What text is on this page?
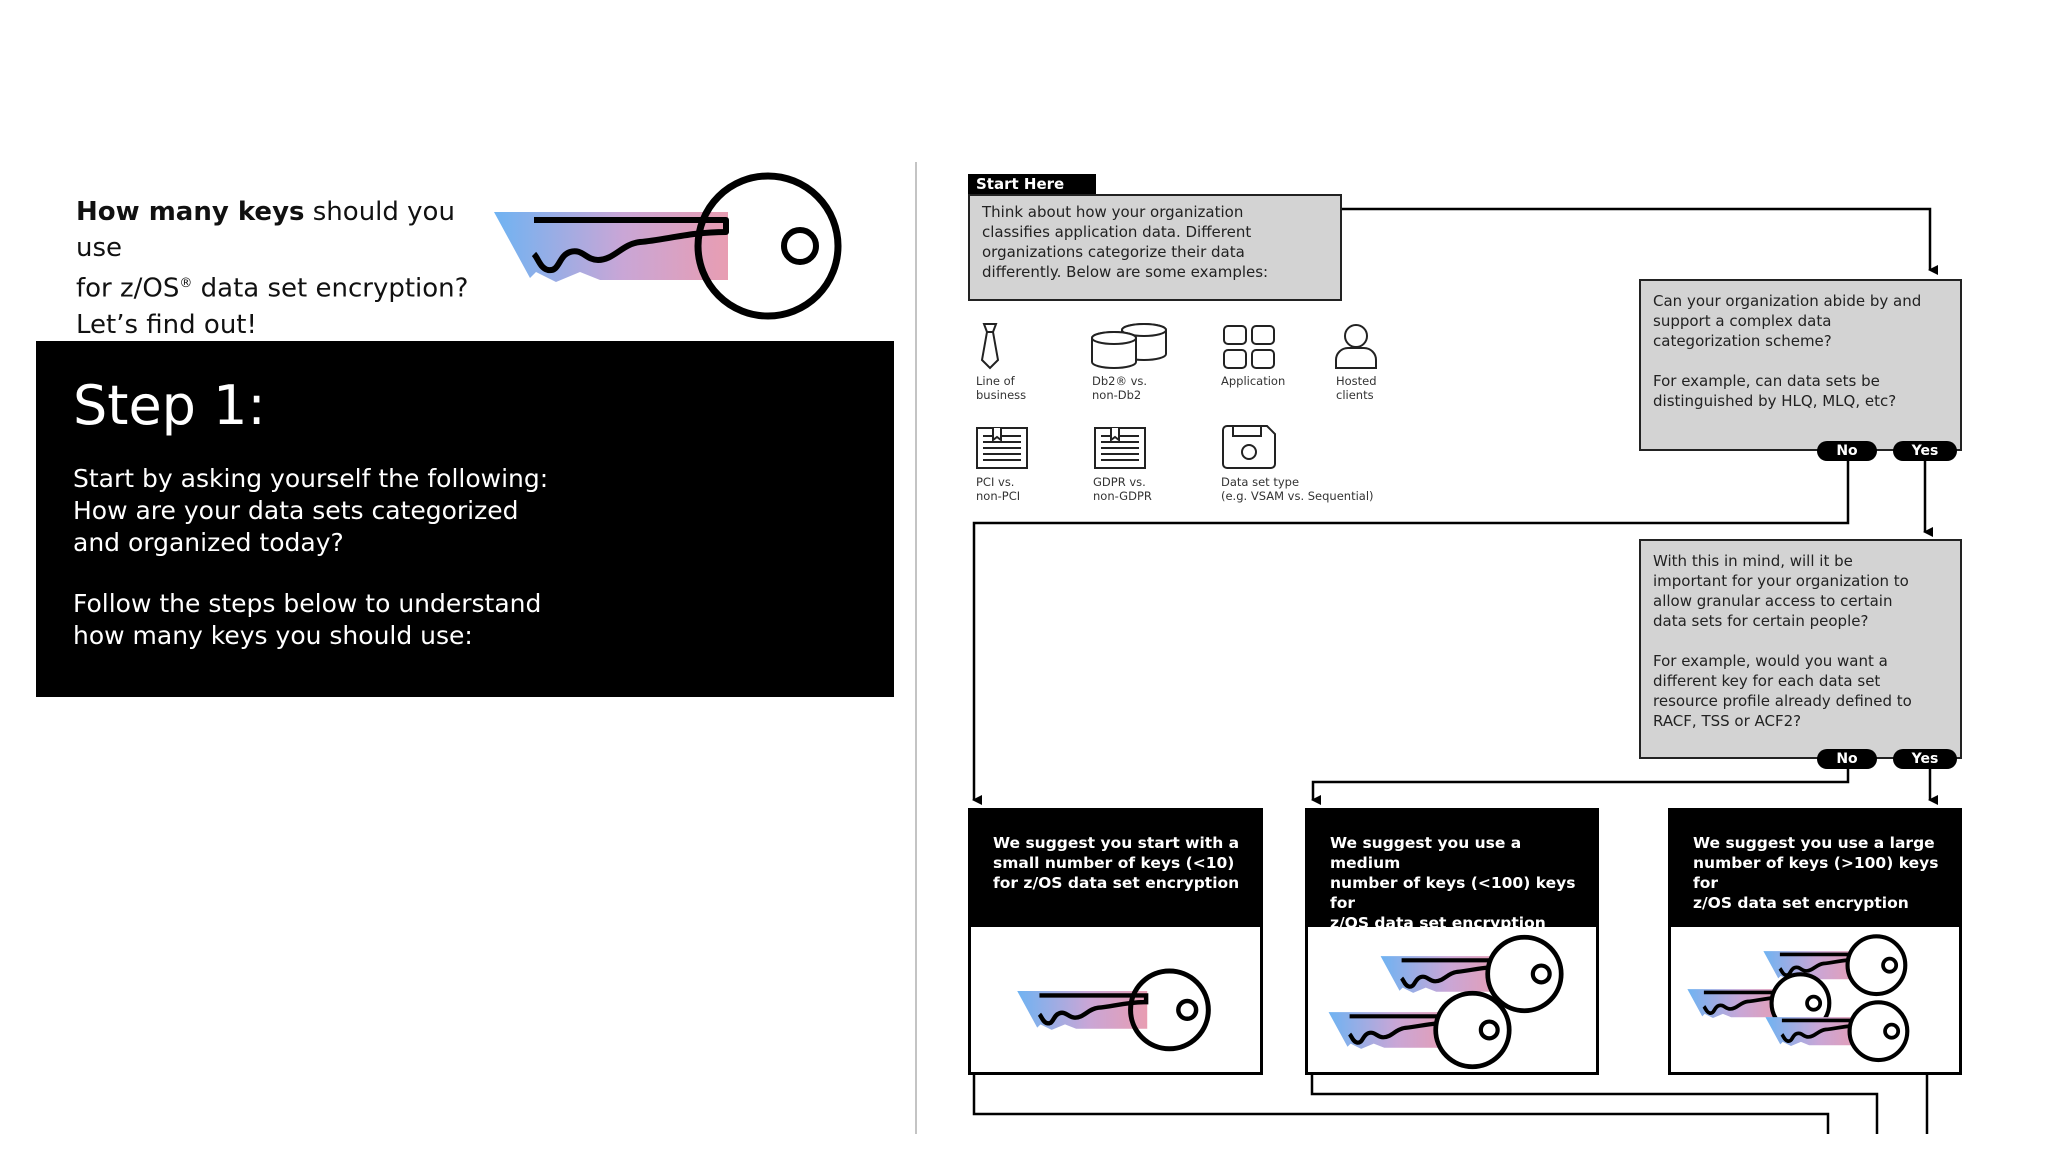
How many keys should you use
for z/OS® data set encryption?
Let’s find out!
Step 1:
Start by asking yourself the following:
How are your data sets categorized
and organized today?
Follow the steps below to understand
how many keys you should use:
Start Here
Think about how your organization
classifies application data. Different
organizations categorize their data
differently. Below are some examples:
Line of
business
Db2® vs.
non-Db2
Application	Hosted
clients
PCI vs.
non-PCI
GDPR vs.
non-GDPR
Data set type
(e.g. VSAM vs. Sequential)
Can your organization abide by and
support a complex data
categorization scheme?
For example, can data sets be
distinguished by HLQ, MLQ, etc?
No	Yes
With this in mind, will it be
important for your organization to
allow granular access to certain
data sets for certain people?
For example, would you want a
different key for each data set
resource profile already defined to
RACF, TSS or ACF2?
No	Yes
We suggest you start with a
small number of keys (<10)
for z/OS data set encryption
We suggest you use a medium
number of keys (<100) keys for
z/OS data set encryption
We suggest you use a large
number of keys (>100) keys for
z/OS data set encryption
